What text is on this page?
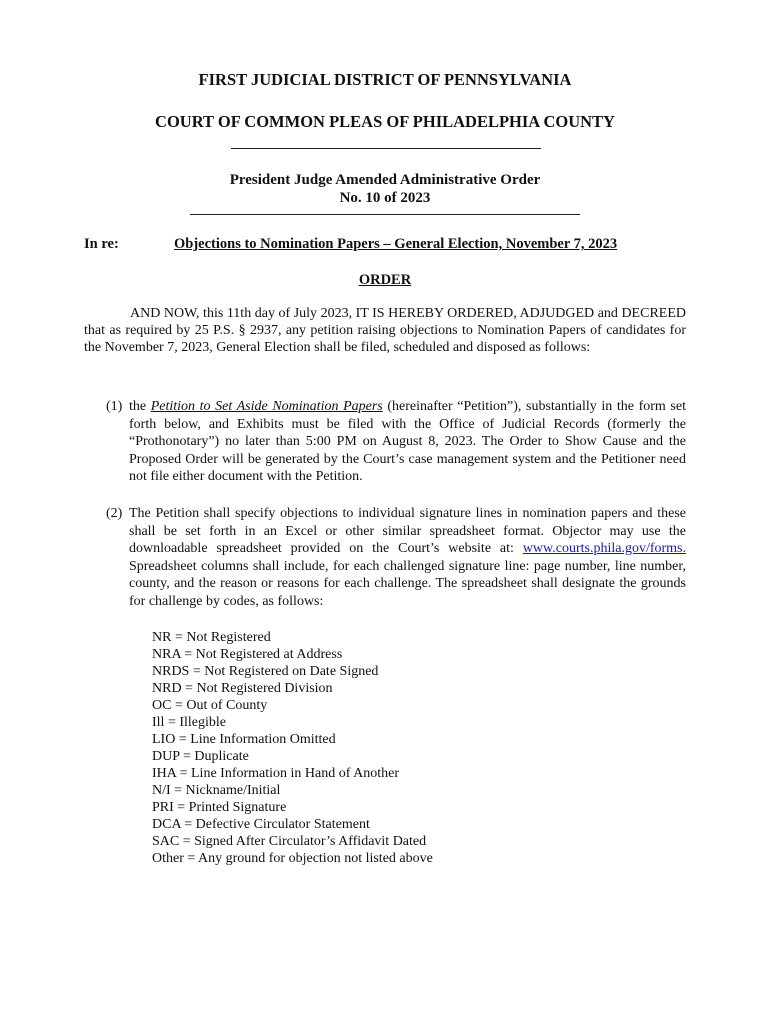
FIRST JUDICIAL DISTRICT OF PENNSYLVANIA
COURT OF COMMON PLEAS OF PHILADELPHIA COUNTY
President Judge Amended Administrative Order
No. 10 of 2023
In re:	Objections to Nomination Papers – General Election, November 7, 2023
ORDER
AND NOW, this 11th day of July 2023, IT IS HEREBY ORDERED, ADJUDGED and DECREED that as required by 25 P.S. § 2937, any petition raising objections to Nomination Papers of candidates for the November 7, 2023, General Election shall be filed, scheduled and disposed as follows:
(1) the Petition to Set Aside Nomination Papers (hereinafter “Petition”), substantially in the form set forth below, and Exhibits must be filed with the Office of Judicial Records (formerly the “Prothonotary”) no later than 5:00 PM on August 8, 2023. The Order to Show Cause and the Proposed Order will be generated by the Court’s case management system and the Petitioner need not file either document with the Petition.
(2) The Petition shall specify objections to individual signature lines in nomination papers and these shall be set forth in an Excel or other similar spreadsheet format. Objector may use the downloadable spreadsheet provided on the Court’s website at: www.courts.phila.gov/forms. Spreadsheet columns shall include, for each challenged signature line: page number, line number, county, and the reason or reasons for each challenge. The spreadsheet shall designate the grounds for challenge by codes, as follows:
NR = Not Registered
NRA = Not Registered at Address
NRDS = Not Registered on Date Signed
NRD = Not Registered Division
OC = Out of County
Ill = Illegible
LIO = Line Information Omitted
DUP = Duplicate
IHA = Line Information in Hand of Another
N/I = Nickname/Initial
PRI = Printed Signature
DCA = Defective Circulator Statement
SAC = Signed After Circulator’s Affidavit Dated
Other = Any ground for objection not listed above
